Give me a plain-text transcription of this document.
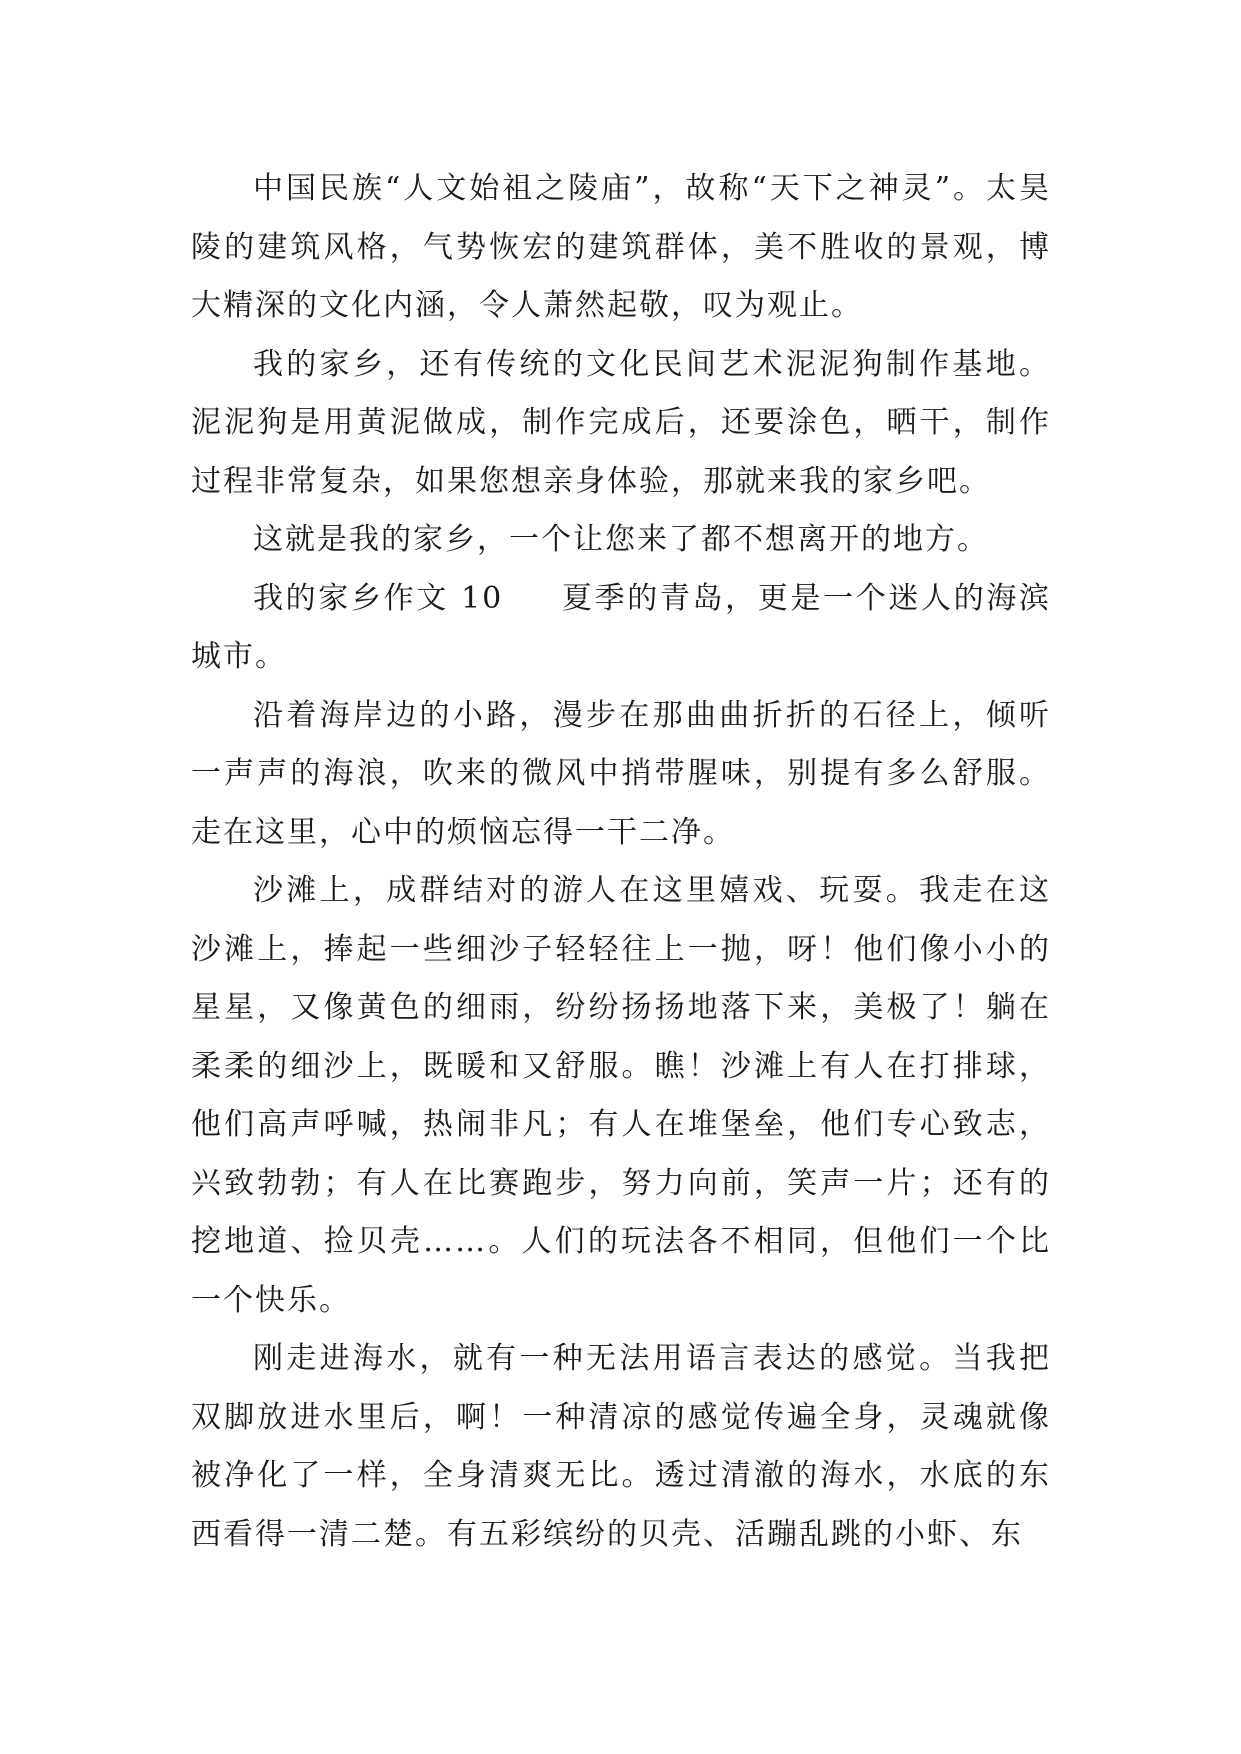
中国民族“人文始祖之陵庙”，故称“天下之神灵”。太昊陵的建筑风格，气势恢宏的建筑群体，美不胜收的景观，博大精深的文化内涵，令人萧然起敬，叹为观止。

我的家乡，还有传统的文化民间艺术泥泥狗制作基地。泥泥狗是用黄泥做成，制作完成后，还要涂色，晒干，制作过程非常复杂，如果您想亲身体验，那就来我的家乡吧。

这就是我的家乡，一个让您来了都不想离开的地方。

我的家乡作文 10 夏季的青岛，更是一个迷人的海滨城市。

沿着海岸边的小路，漫步在那曲曲折折的石径上，倾听一声声的海浪，吹来的微风中捎带腥味，别提有多么舒服。走在这里，心中的烦恼忘得一干二净。

沙滩上，成群结对的游人在这里嬉戏、玩耍。我走在这沙滩上，捧起一些细沙子轻轻往上一抛，呀！他们像小小的星星，又像黄色的细雨，纷纷扬扬地落下来，美极了！躺在柔柔的细沙上，既暖和又舒服。瞧！沙滩上有人在打排球，他们高声呼喊，热闹非凡；有人在堆堡垒，他们专心致志，兴致勃勃；有人在比赛跑步，努力向前，笑声一片；还有的挖地道、捡贝壳……。人们的玩法各不相同，但他们一个比一个快乐。

刚走进海水，就有一种无法用语言表达的感觉。当我把双脚放进水里后，啊！一种清凉的感觉传遍全身，灵魂就像被净化了一样，全身清爽无比。透过清澈的海水，水底的东西看得一清二楚。有五彩缤纷的贝壳、活蹦乱跳的小虾、东
